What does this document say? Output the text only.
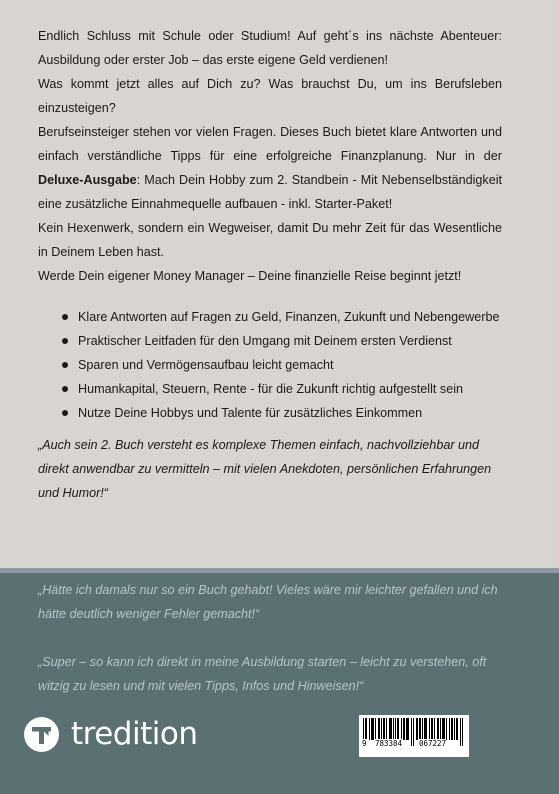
Endlich Schluss mit Schule oder Studium! Auf geht´s ins nächste Abenteuer: Ausbildung oder erster Job – das erste eigene Geld verdienen!

Was kommt jetzt alles auf Dich zu? Was brauchst Du, um ins Berufsleben einzusteigen?

Berufseinsteiger stehen vor vielen Fragen. Dieses Buch bietet klare Antworten und einfach verständliche Tipps für eine erfolgreiche Finanzplanung. Nur in der Deluxe-Ausgabe: Mach Dein Hobby zum 2. Standbein - Mit Nebenselbständigkeit eine zusätzliche Einnahmequelle aufbauen - inkl. Starter-Paket!

Kein Hexenwerk, sondern ein Wegweiser, damit Du mehr Zeit für das Wesentliche in Deinem Leben hast.

Werde Dein eigener Money Manager – Deine finanzielle Reise beginnt jetzt!

Klare Antworten auf Fragen zu Geld, Finanzen, Zukunft und Nebengewerbe
Praktischer Leitfaden für den Umgang mit Deinem ersten Verdienst
Sparen und Vermögensaufbau leicht gemacht
Humankapital, Steuern, Rente - für die Zukunft richtig aufgestellt sein
Nutze Deine Hobbys und Talente für zusätzliches Einkommen

„Auch sein 2. Buch versteht es komplexe Themen einfach, nachvollziehbar und direkt anwendbar zu vermitteln – mit vielen Anekdoten, persönlichen Erfahrungen und Humor!“

„Hätte ich damals nur so ein Buch gehabt! Vieles wäre mir leichter gefallen und ich hätte deutlich weniger Fehler gemacht!“

„Super – so kann ich direkt in meine Ausbildung starten – leicht zu verstehen, oft witzig zu lesen und mit vielen Tipps, Infos und Hinweisen!“

tredition	9 783384 067227
